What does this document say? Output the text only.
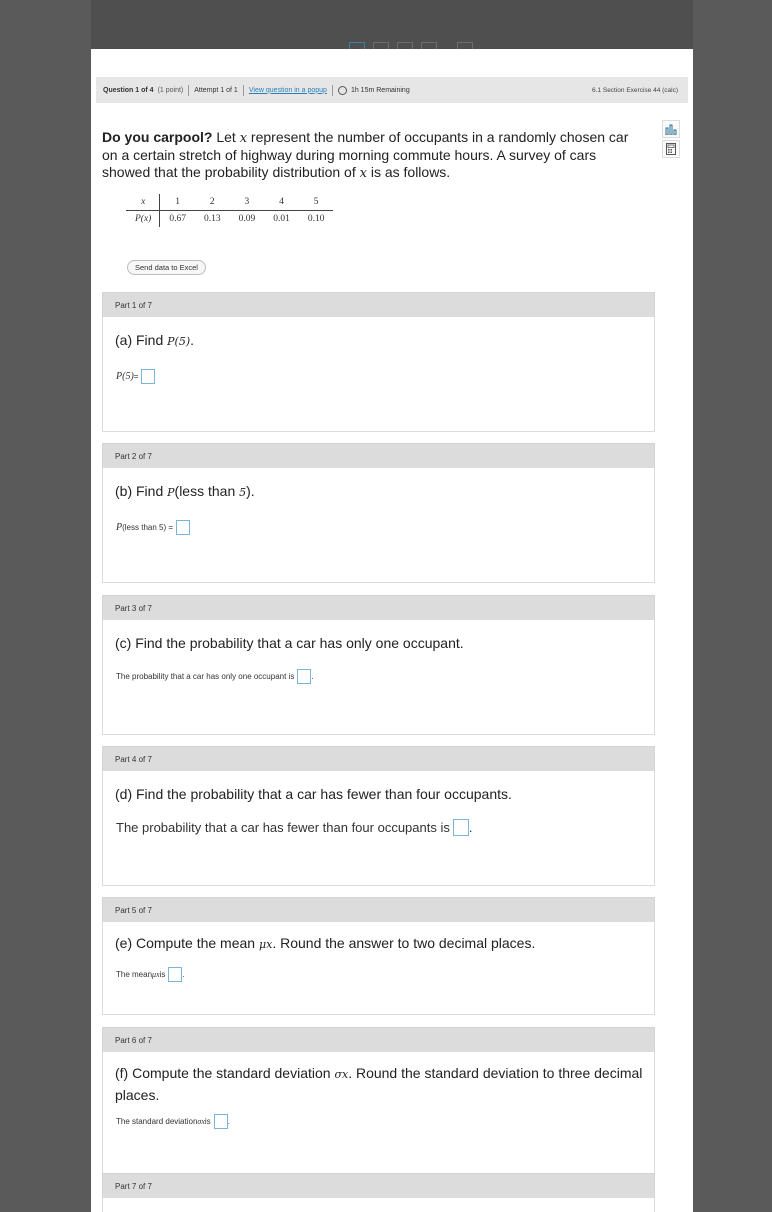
Question 1 of 4 (1 point) Attempt 1 of 1 View question in a popup	1h 15m Remaining	6.1 Section Exercise 44 (calc)
Do you carpool? Let x represent the number of occupants in a randomly chosen car on a certain stretch of highway during morning commute hours. A survey of cars showed that the probability distribution of x is as follows.
x	1	2	3	4	5
P(x)	0.67	0.13	0.09	0.01	0.10
Send data to Excel
Part 1 of 7
(a) Find P(5).
P(5) =
Part 2 of 7
(b) Find P(less than 5).
P (less than 5) =
Part 3 of 7
(c) Find the probability that a car has only one occupant.
The probability that a car has only one occupant is .
Part 4 of 7
(d) Find the probability that a car has fewer than four occupants.
The probability that a car has fewer than four occupants is .
Part 5 of 7
(e) Compute the mean μx. Round the answer to two decimal places.
The mean μx is .
Part 6 of 7
(f) Compute the standard deviation σx. Round the standard deviation to three decimal places.
The standard deviation σx is .
Part 7 of 7
